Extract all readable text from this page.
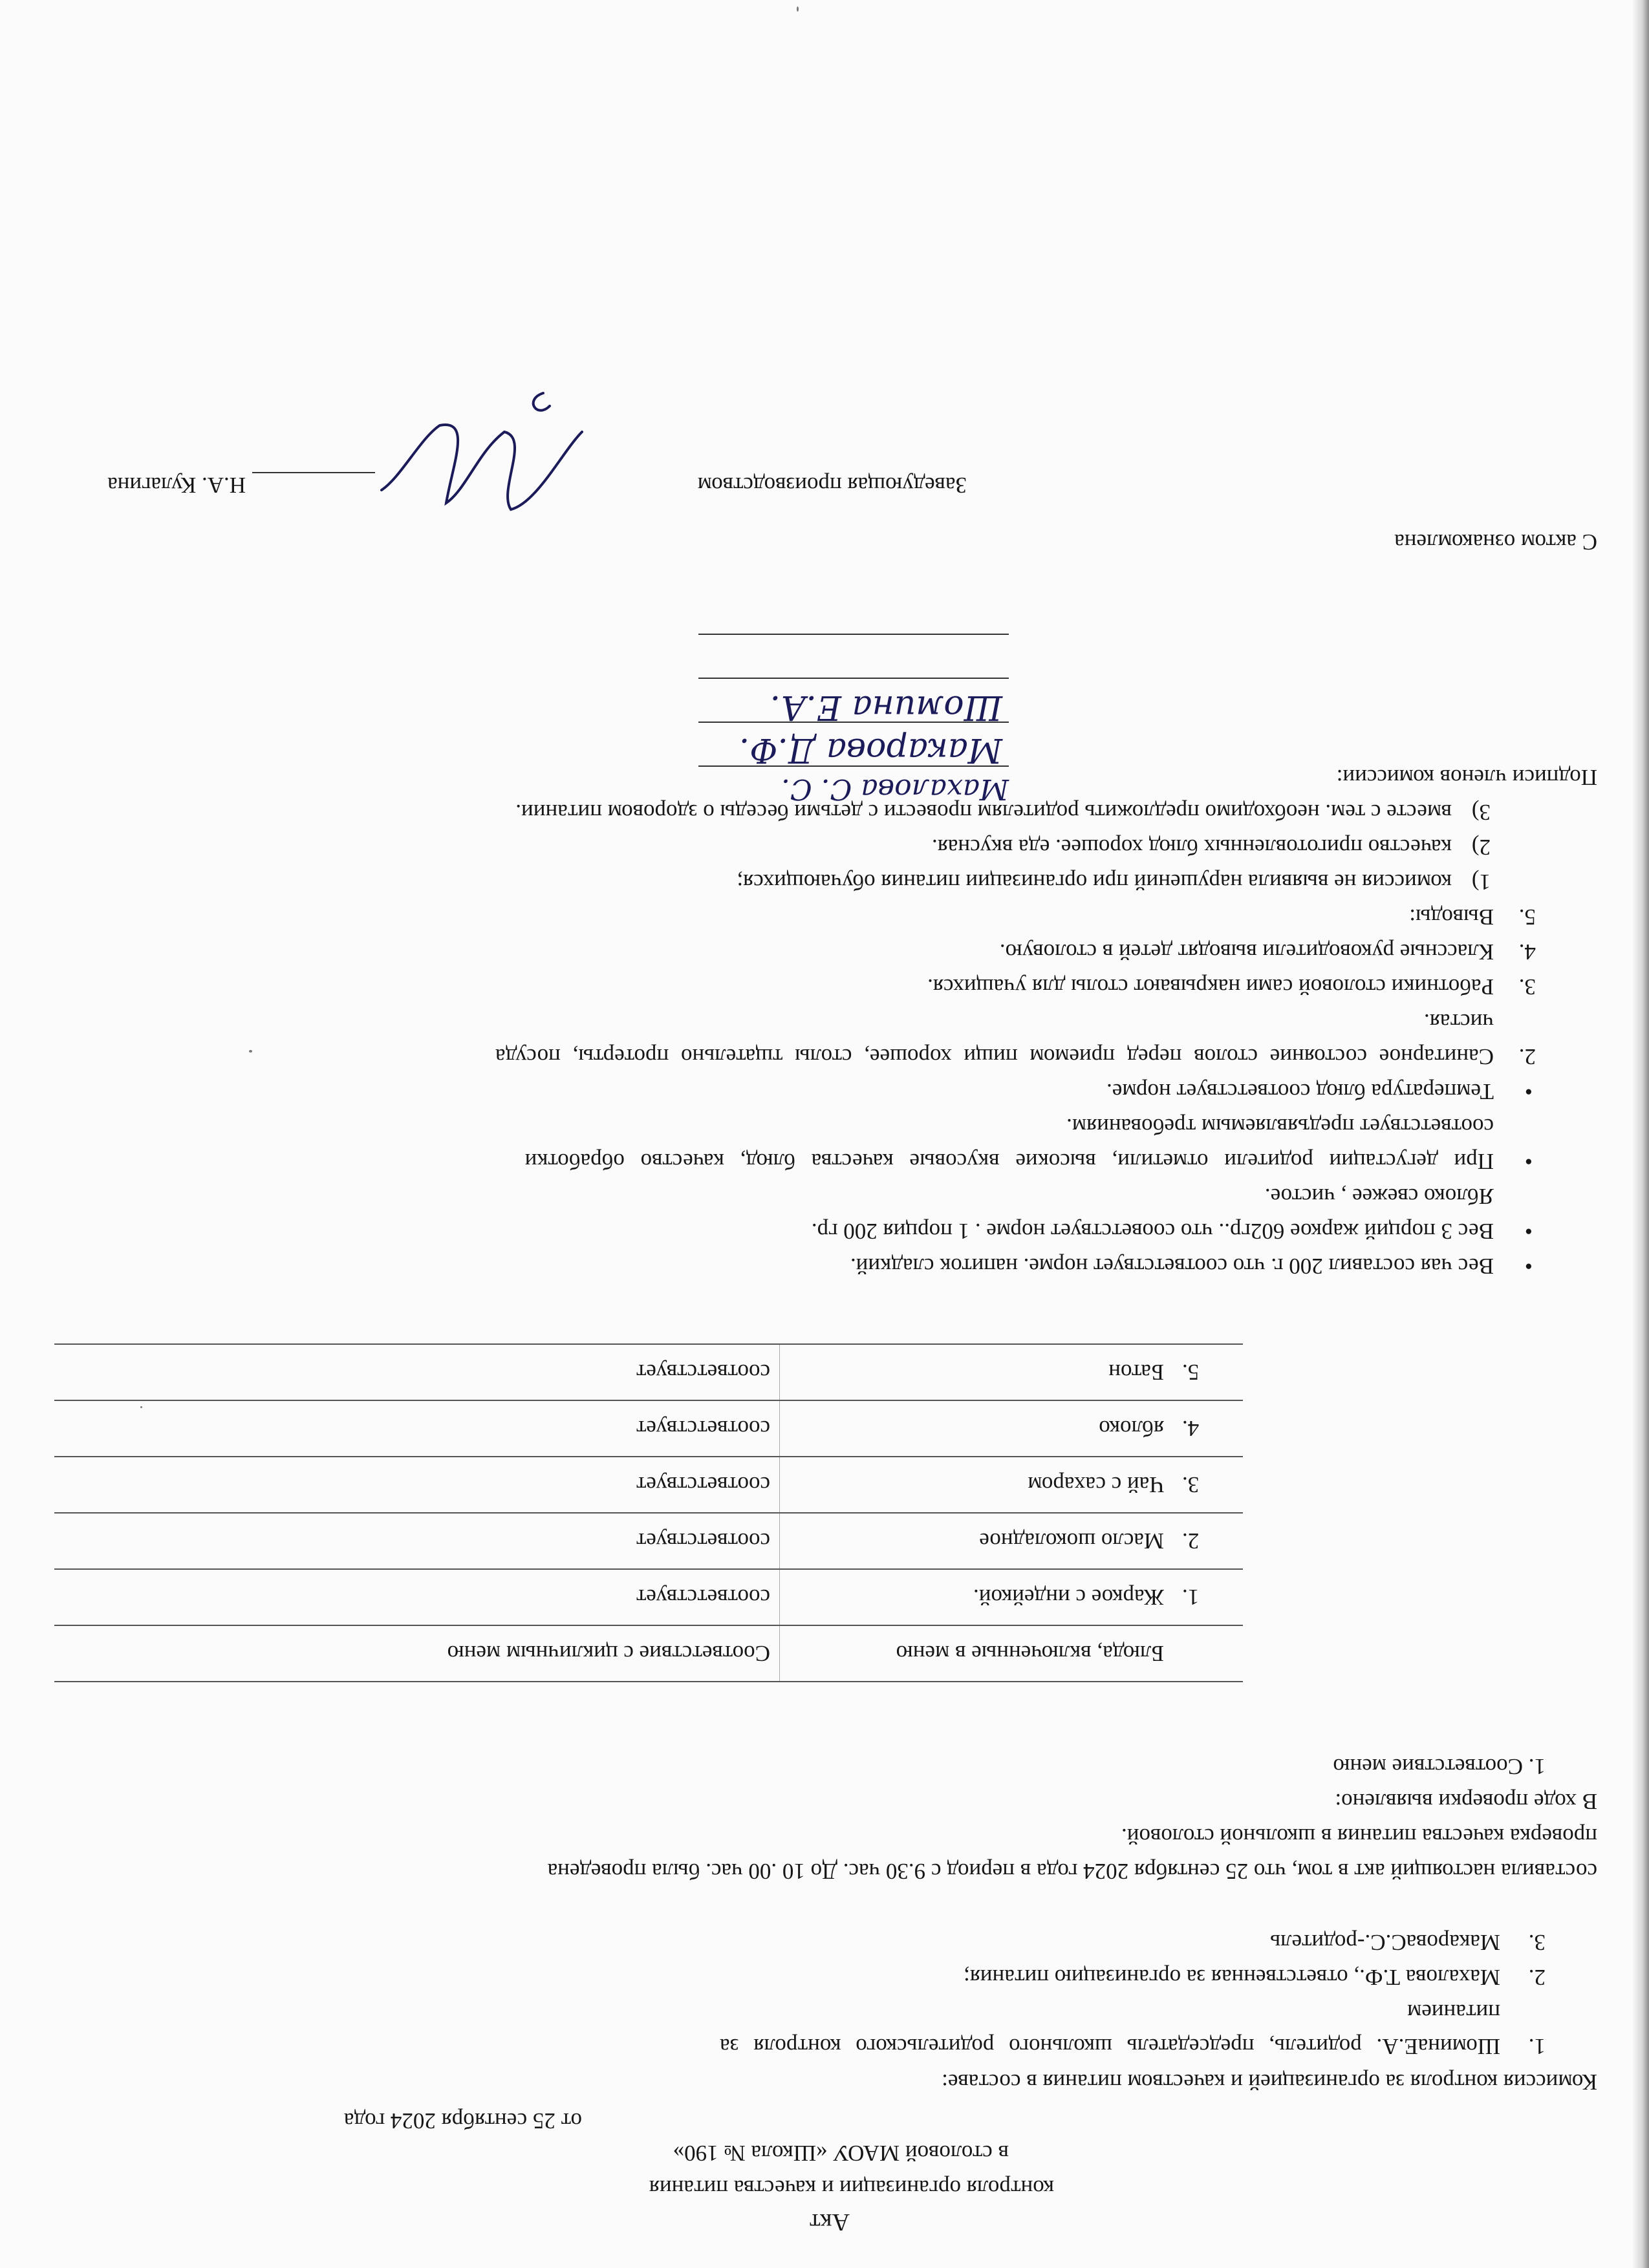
Акт
контроля организации и качества питания
в столовой МАОУ «Школа № 190»
от 25 сентября 2024 года
Комиссия контроля за организацией и качеством питания в составе:
1.
ШоминаЕ.А. родитель, председатель школьного родительского контроля за
питанием
2.
Махалова Т.Ф., ответственная за организацию питания;
3.
МакароваС.С.-родитель
составила настоящий акт в том, что 25 сентября 2024 года в период с 9.30 час. До 10 .00 час. была проведена
проверка качества питания в школьной столовой.
В ходе проверки выявлено:
1. Соответствие меню
	Блюда, включенные в меню	Соответствие с цикличным меню
1.	Жаркое с индейкой.	соответствует
2.	Масло шоколадное	соответствует
3.	Чай с сахаром	соответствует
4.	яблоко	соответствует
5.	Батон	соответствует
•
Вес чая составил 200 г. что соответствует норме. напиток сладкий.
•
Вес 3 порций жаркое 602гр.. что сооветствует норме . 1 порция 200 гр.
Яблоко свежее , чистое.
•
При дегустации родители отметили, высокие вкусовые качества блюд, качество обработки
соответствует предъявляемым требованиям.
•
Температура блюд соответствует норме.
2.
Санитарное состояние столов перед приемом пищи хорошее, столы тщательно протерты, посуда
чистая.
3.
Работники столовой сами накрывают столы для учащихся.
4.
Классные руководители выводят детей в столовую.
5.
Выводы:
1)
комиссия не выявила нарушений при организации питания обучающихся;
2)
качество приготовленных блюд хорошее. еда вкусная.
3)
вместе с тем. необходимо предложить родителям провести с детьми беседы о здоровом питании.
Подписи членов комиссии:
Махалова С. С.
Макарова Д.Ф.
Шомина Е.А.
С актом ознакомлена
Заведующая производством
Н.А. Кулагина
